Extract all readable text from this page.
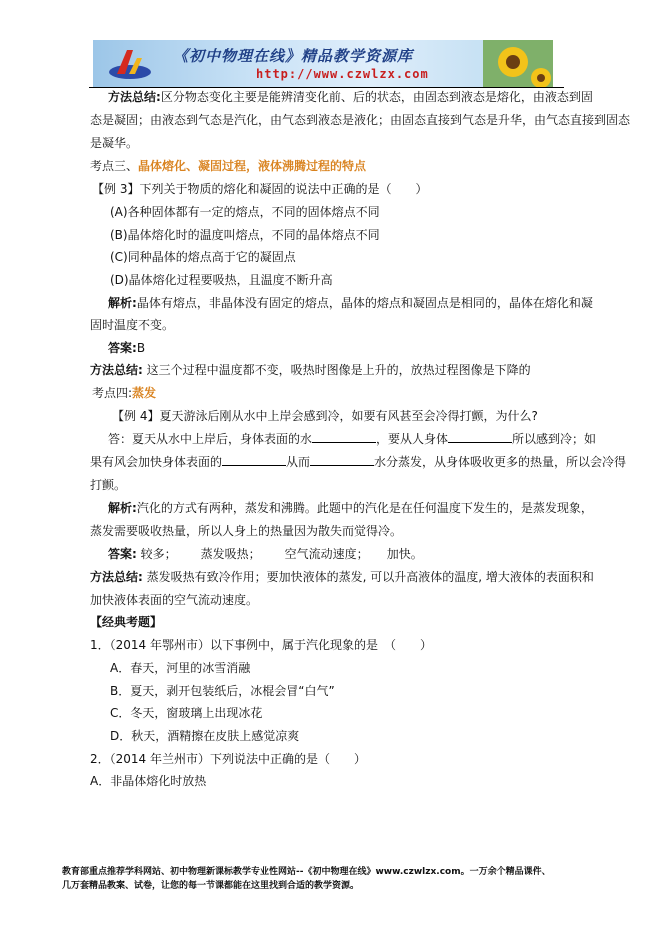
《初中物理在线》精品教学资源库
http://www.czwlzx.com
方法总结:区分物态变化主要是能辨清变化前、后的状态，由固态到液态是熔化，由液态到固
态是凝固；由液态到气态是汽化，由气态到液态是液化；由固态直接到气态是升华，由气态直接到固态
是凝华。
考点三、晶体熔化、凝固过程，液体沸腾过程的特点
【例 3】下列关于物质的熔化和凝固的说法中正确的是（　　）
(A)各种固体都有一定的熔点，不同的固体熔点不同
(B)晶体熔化时的温度叫熔点，不同的晶体熔点不同
(C)同种晶体的熔点高于它的凝固点
(D)晶体熔化过程要吸热，且温度不断升高
解析:晶体有熔点，非晶体没有固定的熔点，晶体的熔点和凝固点是相同的，晶体在熔化和凝
固时温度不变。
答案:B
方法总结: 这三个过程中温度都不变，吸热时图像是上升的，放热过程图像是下降的
考点四:蒸发
【例 4】夏天游泳后刚从水中上岸会感到冷，如要有风甚至会冷得打颤，为什么?
答：夏天从水中上岸后，身体表面的水	，要从人身体	所以感到冷；如
果有风会加快身体表面的	从而	水分蒸发，从身体吸收更多的热量，所以会冷得
打颤。
解析:汽化的方式有两种，蒸发和沸腾。此题中的汽化是在任何温度下发生的，是蒸发现象，
蒸发需要吸收热量，所以人身上的热量因为散失而觉得冷。
答案: 较多； 蒸发吸热； 空气流动速度； 加快。
方法总结: 蒸发吸热有致冷作用；要加快液体的蒸发, 可以升高液体的温度, 增大液体的表面积和
加快液体表面的空气流动速度。
【经典考题】
1．（2014 年鄂州市）以下事例中，属于汽化现象的是　（　　）
A．春天，河里的冰雪消融
B．夏天，剥开包装纸后，冰棍会冒“白气”
C．冬天，窗玻璃上出现冰花
D．秋天，酒精擦在皮肤上感觉凉爽
2．（2014 年兰州市）下列说法中正确的是（　　）
A．非晶体熔化时放热
教育部重点推荐学科网站、初中物理新课标教学专业性网站--《初中物理在线》www.czwlzx.com。一万余个精品课件、
几万套精品教案、试卷，让您的每一节课都能在这里找到合适的教学资源。
